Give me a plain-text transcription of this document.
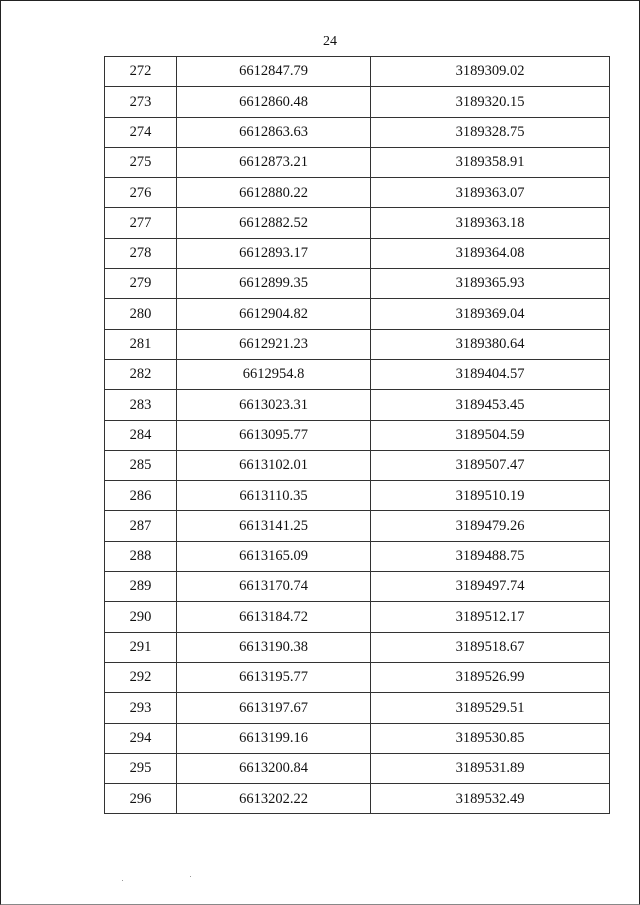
24
272	6612847.79	3189309.02
273	6612860.48	3189320.15
274	6612863.63	3189328.75
275	6612873.21	3189358.91
276	6612880.22	3189363.07
277	6612882.52	3189363.18
278	6612893.17	3189364.08
279	6612899.35	3189365.93
280	6612904.82	3189369.04
281	6612921.23	3189380.64
282	6612954.8	3189404.57
283	6613023.31	3189453.45
284	6613095.77	3189504.59
285	6613102.01	3189507.47
286	6613110.35	3189510.19
287	6613141.25	3189479.26
288	6613165.09	3189488.75
289	6613170.74	3189497.74
290	6613184.72	3189512.17
291	6613190.38	3189518.67
292	6613195.77	3189526.99
293	6613197.67	3189529.51
294	6613199.16	3189530.85
295	6613200.84	3189531.89
296	6613202.22	3189532.49
